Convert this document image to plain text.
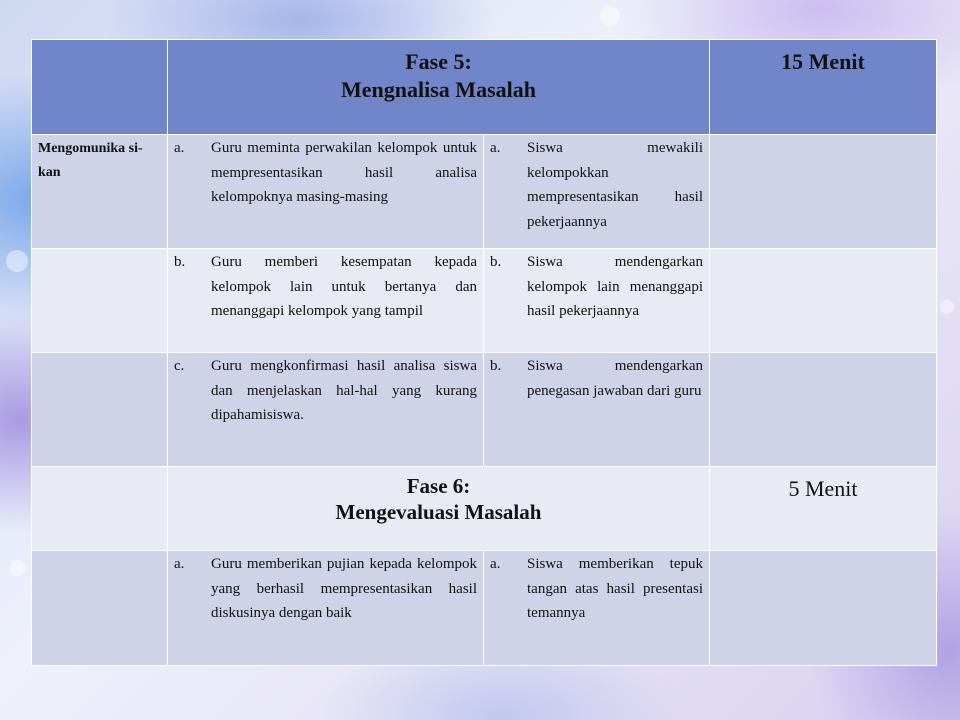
	Fase 5:
Mengnalisa Masalah		15 Menit
Mengomunika si-kan	a. Guru meminta perwakilan kelompok untuk mempresentasikan hasil analisa kelompoknya masing-masing	a. Siswa mewakili kelompokkan mempresentasikan hasil pekerjaannya	

	b. Guru memberi kesempatan kepada kelompok lain untuk bertanya dan menanggapi kelompok yang tampil	b. Siswa mendengarkan kelompok lain menanggapi hasil pekerjaannya	

	c. Guru mengkonfirmasi hasil analisa siswa dan menjelaskan hal-hal yang kurang dipahamisiswa.	b. Siswa mendengarkan penegasan jawaban dari guru	

	Fase 6:
Mengevaluasi Masalah		5 Menit

	a. Guru memberikan pujian kepada kelompok yang berhasil mempresentasikan hasil diskusinya dengan baik	a. Siswa memberikan tepuk tangan atas hasil presentasi temannya	
